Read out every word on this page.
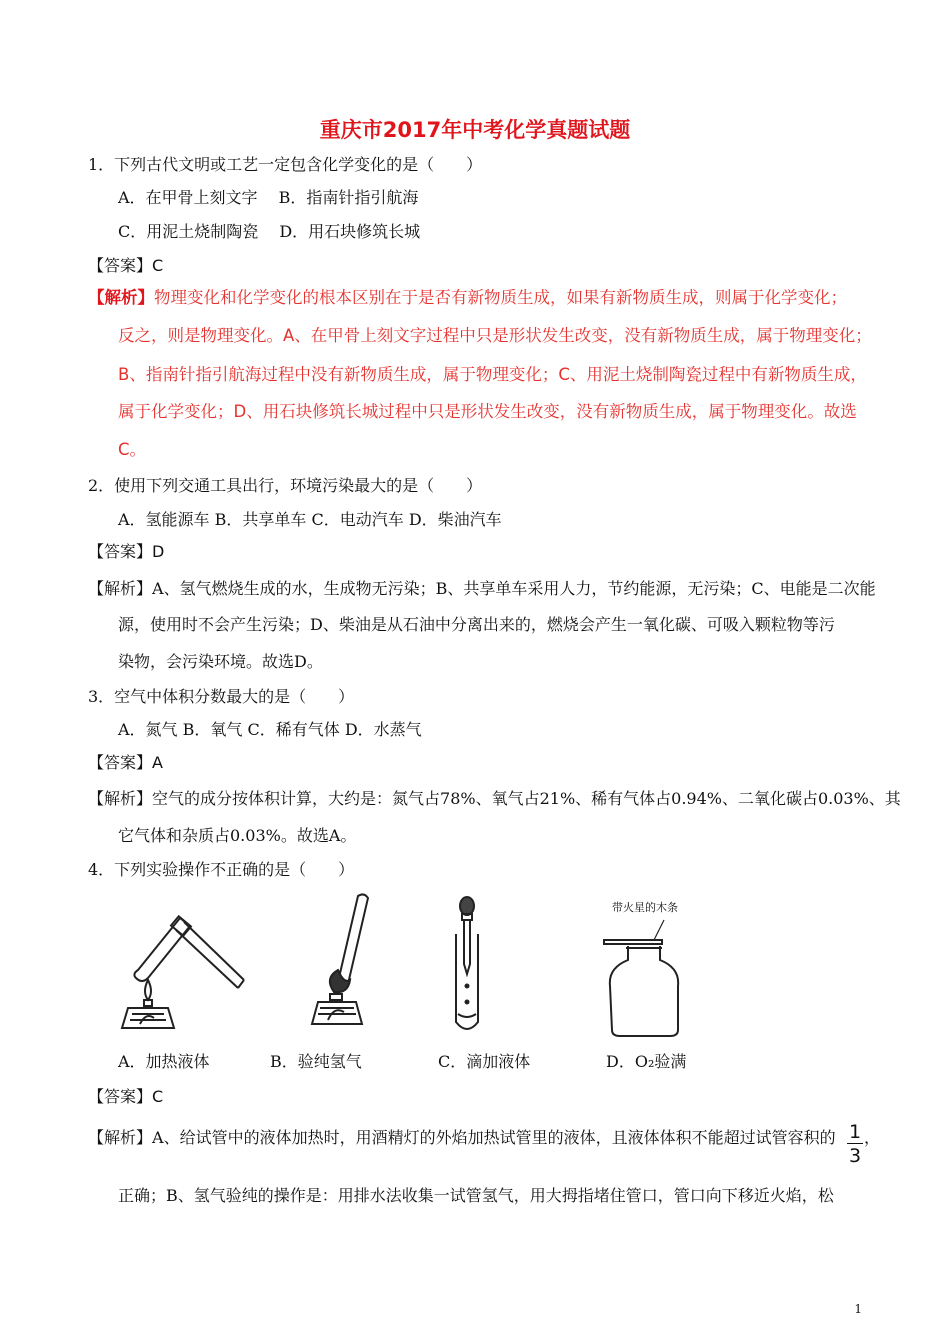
重庆市2017年中考化学真题试题
1．下列古代文明或工艺一定包含化学变化的是（　　）
A．在甲骨上刻文字　 B．指南针指引航海
C．用泥土烧制陶瓷　 D．用石块修筑长城
【答案】C
【解析】物理变化和化学变化的根本区别在于是否有新物质生成，如果有新物质生成，则属于化学变化；
反之，则是物理变化。A、在甲骨上刻文字过程中只是形状发生改变，没有新物质生成，属于物理变化；
B、指南针指引航海过程中没有新物质生成，属于物理变化；C、用泥土烧制陶瓷过程中有新物质生成，
属于化学变化；D、用石块修筑长城过程中只是形状发生改变，没有新物质生成，属于物理变化。故选
C。
2．使用下列交通工具出行，环境污染最大的是（　　）
A．氢能源车 B．共享单车 C．电动汽车 D．柴油汽车
【答案】D
【解析】A、氢气燃烧生成的水，生成物无污染；B、共享单车采用人力，节约能源，无污染；C、电能是二次能
源，使用时不会产生污染；D、柴油是从石油中分离出来的，燃烧会产生一氧化碳、可吸入颗粒物等污
染物，会污染环境。故选D。
3．空气中体积分数最大的是（　　）
A．氮气 B．氧气 C．稀有气体 D．水蒸气
【答案】A
【解析】空气的成分按体积计算，大约是：氮气占78%、氧气占21%、稀有气体占0.94%、二氧化碳占0.03%、其
它气体和杂质占0.03%。故选A。
4．下列实验操作不正确的是（　　）
带火星的木条
A．加热液体	B．验纯氢气	C．滴加液体	D．O₂验满
【答案】C
【解析】A、给试管中的液体加热时，用酒精灯的外焰加热试管里的液体，且液体体积不能超过试管容积的 1
3
，
正确；B、氢气验纯的操作是：用排水法收集一试管氢气，用大拇指堵住管口，管口向下移近火焰，松
1
